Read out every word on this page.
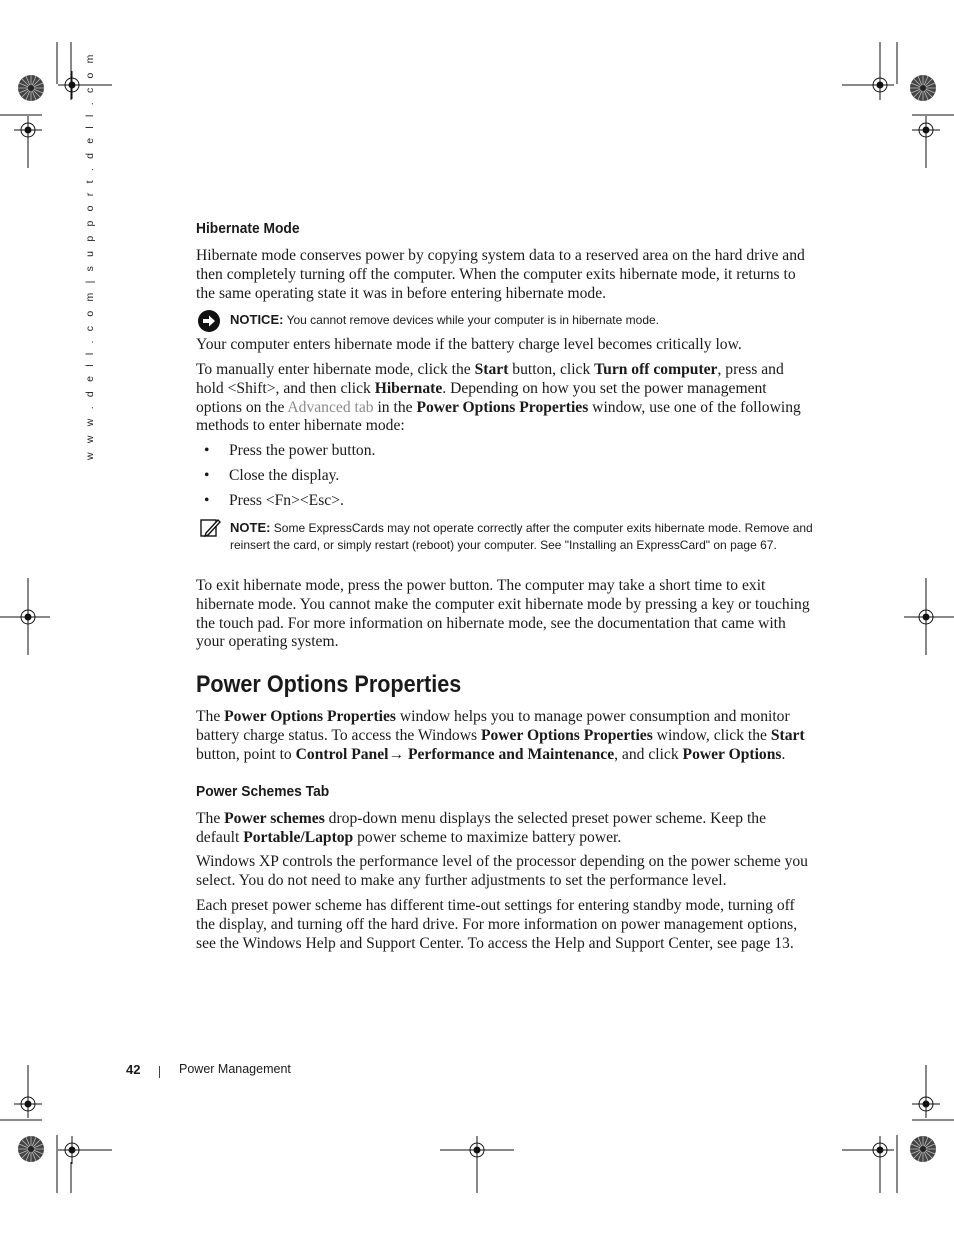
w w w . d e l l . c o m | s u p p o r t . d e l l . c o m	Hibernate Mode

Hibernate mode conserves power by copying system data to a reserved area on the hard drive and then completely turning off the computer. When the computer exits hibernate mode, it returns to the same operating state it was in before entering hibernate mode.

NOTICE: You cannot remove devices while your computer is in hibernate mode.

Your computer enters hibernate mode if the battery charge level becomes critically low.

To manually enter hibernate mode, click the Start button, click Turn off computer, press and hold <Shift>, and then click Hibernate. Depending on how you set the power management options on the Advanced tab in the Power Options Properties window, use one of the following methods to enter hibernate mode:

• Press the power button.
• Close the display.
• Press <Fn><Esc>.
NOTE: Some ExpressCards may not operate correctly after the computer exits hibernate mode. Remove and reinsert the card, or simply restart (reboot) your computer. See "Installing an ExpressCard" on page 67.

To exit hibernate mode, press the power button. The computer may take a short time to exit hibernate mode. You cannot make the computer exit hibernate mode by pressing a key or touching the touch pad. For more information on hibernate mode, see the documentation that came with your operating system.

Power Options Properties

The Power Options Properties window helps you to manage power consumption and monitor battery charge status. To access the Windows Power Options Properties window, click the Start button, point to Control Panel→ Performance and Maintenance, and click Power Options.

Power Schemes Tab

The Power schemes drop-down menu displays the selected preset power scheme. Keep the default Portable/Laptop power scheme to maximize battery power.

Windows XP controls the performance level of the processor depending on the power scheme you select. You do not need to make any further adjustments to set the performance level.

Each preset power scheme has different time-out settings for entering standby mode, turning off the display, and turning off the hard drive. For more information on power management options, see the Windows Help and Support Center. To access the Help and Support Center, see page 13.

42	Power Management
